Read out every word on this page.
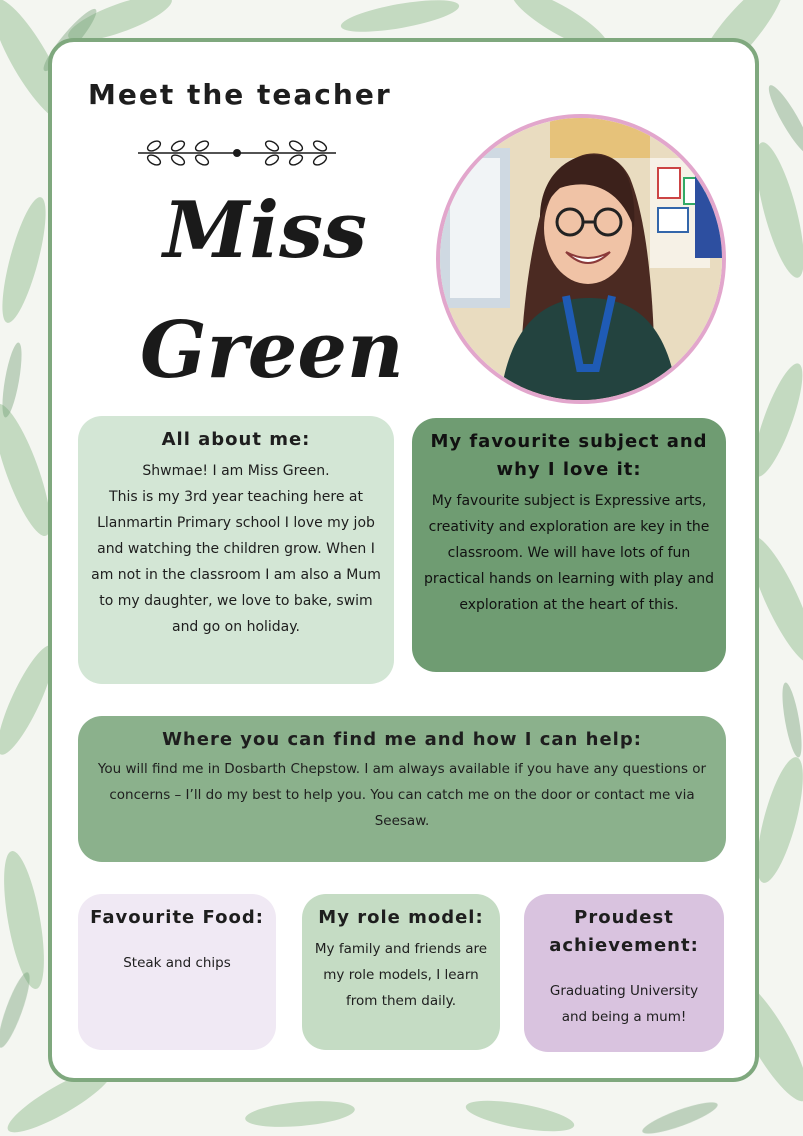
Meet the teacher
Miss
Green
All about me:

Shwmae! I am Miss Green.

This is my 3rd year teaching here at Llanmartin Primary school I love my job and watching the children grow. When I am not in the classroom I am also a Mum to my daughter, we love to bake, swim and go on holiday.

My favourite subject and why I love it:

My favourite subject is Expressive arts, creativity and exploration are key in the classroom. We will have lots of fun practical hands on learning with play and exploration at the heart of this.

Where you can find me and how I can help:

You will find me in Dosbarth Chepstow. I am always available if you have any questions or concerns – I’ll do my best to help you. You can catch me on the door or contact me via Seesaw.

Favourite Food:

Steak and chips

My role model:

My family and friends are my role models, I learn from them daily.

Proudest achievement:

Graduating University and being a mum!
